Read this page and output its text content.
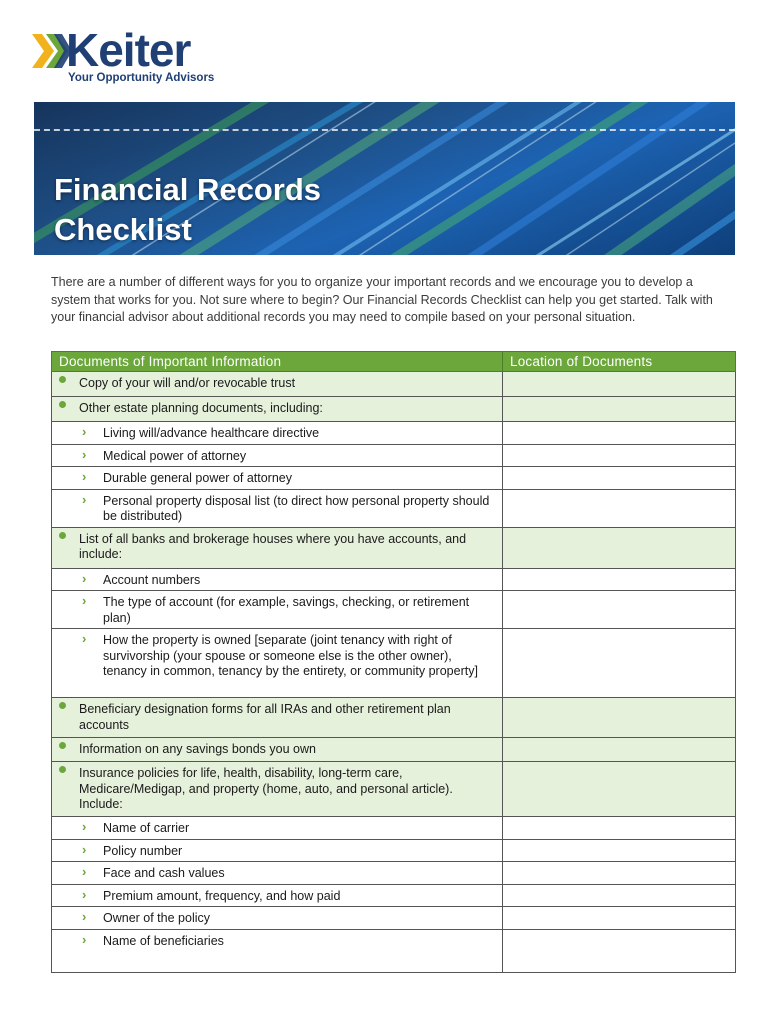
Keiter
Your Opportunity Advisors
Financial Records
Checklist
There are a number of different ways for you to organize your important records and we encourage you to develop a system that works for you. Not sure where to begin? Our Financial Records Checklist can help you get started. Talk with your financial advisor about additional records you may need to compile based on your personal situation.
Documents of Important Information	Location of Documents

Copy of your will and/or revocable trust	

Other estate planning documents, including:	

› Living will/advance healthcare directive	

› Medical power of attorney	

› Durable general power of attorney	

› Personal property disposal list (to direct how personal property should be distributed)	

List of all banks and brokerage houses where you have accounts, and include:	

› Account numbers	

› The type of account (for example, savings, checking, or retirement plan)	

› How the property is owned [separate (joint tenancy with right of survivorship (your spouse or someone else is the other owner), tenancy in common, tenancy by the entirety, or community property]	

Beneficiary designation forms for all IRAs and other retirement plan accounts	

Information on any savings bonds you own	

Insurance policies for life, health, disability, long-term care, Medicare/Medigap, and property (home, auto, and personal article). Include:	

› Name of carrier	

› Policy number	

› Face and cash values	

› Premium amount, frequency, and how paid	

› Owner of the policy	

› Name of beneficiaries	
